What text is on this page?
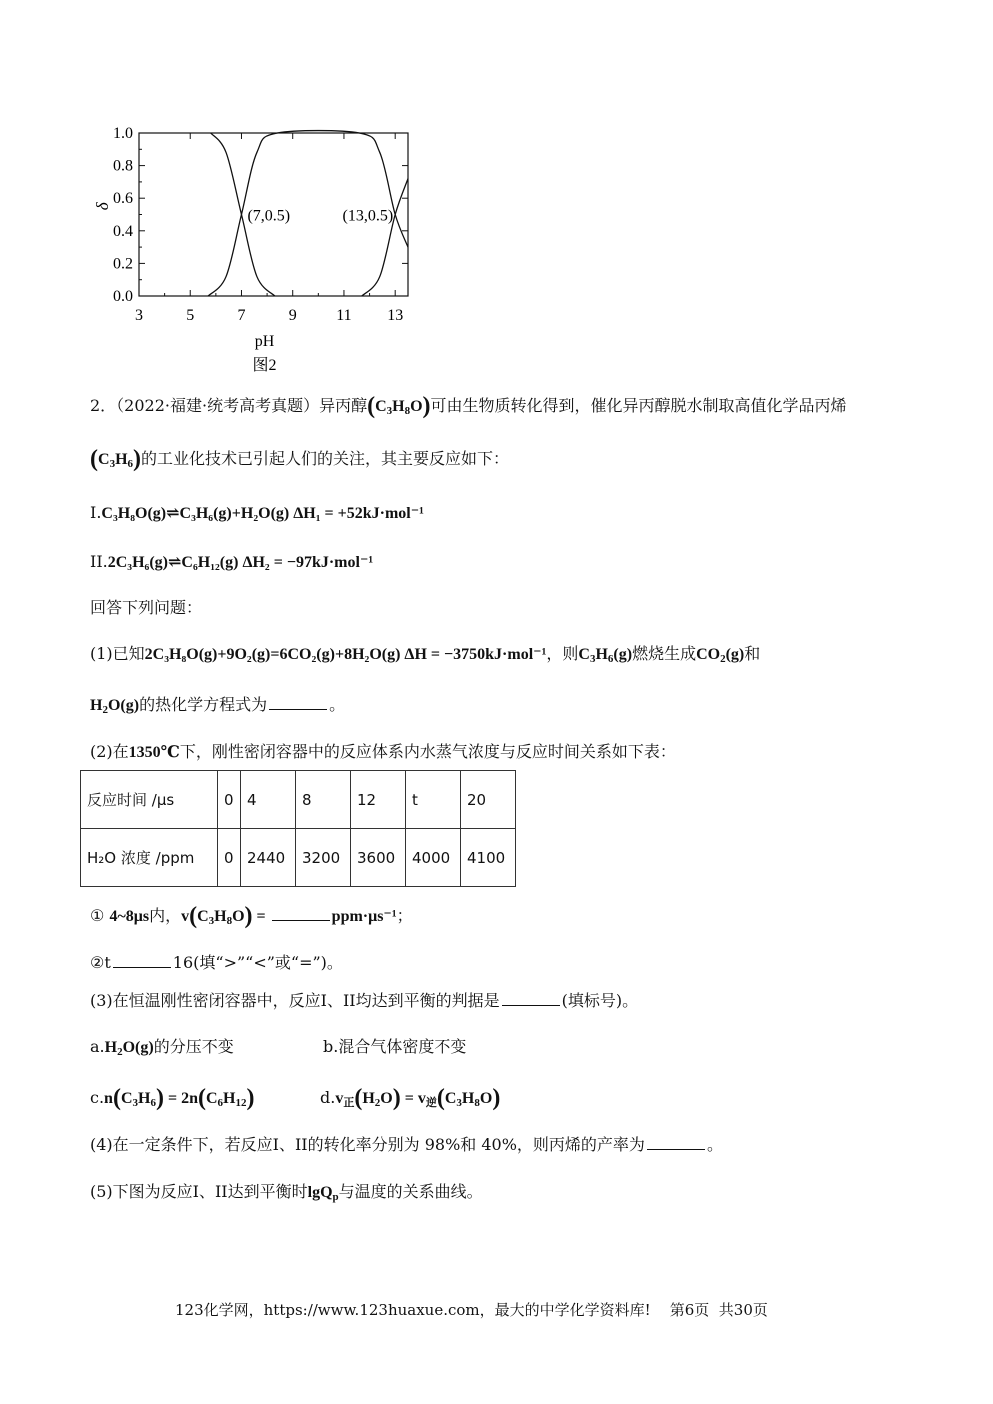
3	5	7	9 11 13
0.0
0.2
0.4
0.6
0.8
1.0
(7,0.5)	(13,0.5)
pH
δ
图2
2．（2022·福建·统考高考真题）异丙醇$(C_3H_8O)$可由生物质转化得到，催化异丙醇脱水制取高值化学品丙烯
$(C_3H_6)$的工业化技术已引起人们的关注，其主要反应如下：
I.C₃H₈O(g)⇌C₃H₆(g)+H₂O(g) ΔH₁ = +52kJ·mol⁻¹
II.2C₃H₆(g)⇌C₆H₁₂(g) ΔH₂ = −97kJ·mol⁻¹
回答下列问题：
(1)已知2C₃H₈O(g)+9O₂(g)=6CO₂(g)+8H₂O(g) ΔH = −3750kJ·mol⁻¹，则$C_3H_6(g)$燃烧生成$CO_2(g)$和
$H_2O(g)$的热化学方程式为	。
(2)在1350℃下，刚性密闭容器中的反应体系内水蒸气浓度与反应时间关系如下表：
反应时间 /μs	0	4	8	12	t	20
H₂O 浓度 /ppm	0	2440	3200	3600	4000	4100
① 4~8μs内，$v(C_3H_8O)$ =	ppm·μs⁻¹；
②t	16(填“>”“<”或“=”)。
(3)在恒温刚性密闭容器中，反应I、II均达到平衡的判据是	(填标号)。
$a.H_2O(g)$的分压不变	b.混合气体密度不变
$c.n(C_3H_6) = 2n(C_6H_{12})$	$d.v_正(H_2O) = v_逆(C_3H_8O)$
(4)在一定条件下，若反应I、II的转化率分别为 98%和 40%，则丙烯的产率为	。
(5)下图为反应I、II达到平衡时lgQ$_p$与温度的关系曲线。
123化学网，https://www.123huaxue.com，最大的中学化学资料库!    第6页  共30页
